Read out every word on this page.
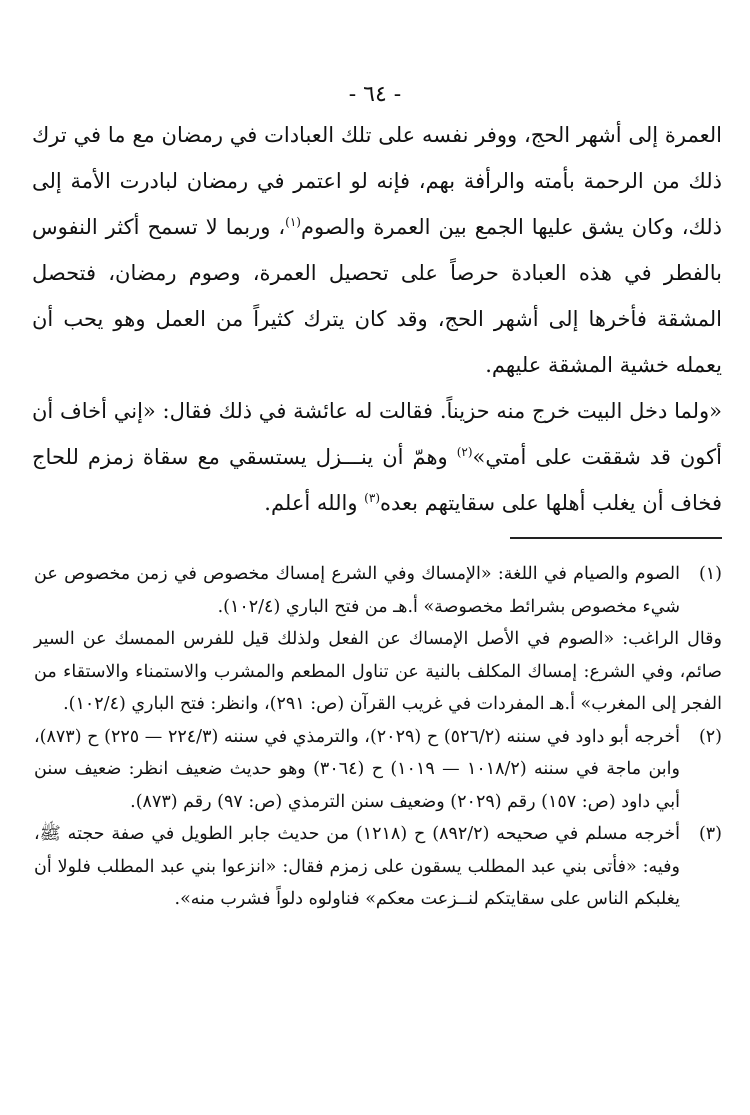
- ٦٤ -

العمرة إلى أشهر الحج، ووفر نفسه على تلك العبادات في رمضان مع ما في ترك ذلك من الرحمة بأمته والرأفة بهم، فإنه لو اعتمر في رمضان لبادرت الأمة إلى ذلك، وكان يشق عليها الجمع بين العمرة والصوم$^{(١)}$، وربما لا تسمح أكثر النفوس بالفطر في هذه العبادة حرصاً على تحصيل العمرة، وصوم رمضان، فتحصل المشقة فأخرها إلى أشهر الحج، وقد كان يترك كثيراً من العمل وهو يحب أن يعمله خشية المشقة عليهم.

«ولما دخل البيت خرج منه حزيناً. فقالت له عائشة في ذلك فقال: «إني أخاف أن أكون قد شققت على أمتي»$^{(٢)}$ وهمّ أن ينـــزل يستسقي مع سقاة زمزم للحاج فخاف أن يغلب أهلها على سقايتهم بعده$^{(٣)}$ والله أعلم.

(١)

الصوم والصيام في اللغة: «الإمساك وفي الشرع إمساك مخصوص في زمن مخصوص عن شيء مخصوص بشرائط مخصوصة» أ.هـ من فتح الباري (١٠٢/٤).

وقال الراغب: «الصوم في الأصل الإمساك عن الفعل ولذلك قيل للفرس الممسك عن السير صائم، وفي الشرع: إمساك المكلف بالنية عن تناول المطعم والمشرب والاستمناء والاستقاء من الفجر إلى المغرب» أ.هـ المفردات في غريب القرآن (ص: ٢٩١)، وانظر: فتح الباري (١٠٢/٤).

(٢)

أخرجه أبو داود في سننه (٥٢٦/٢) ح (٢٠٢٩)، والترمذي في سننه (٢٢٤/٣ — ٢٢٥) ح (٨٧٣)، وابن ماجة في سننه (١٠١٨/٢ — ١٠١٩) ح (٣٠٦٤) وهو حديث ضعيف انظر: ضعيف سنن أبي داود (ص: ١٥٧) رقم (٢٠٢٩) وضعيف سنن الترمذي (ص: ٩٧) رقم (٨٧٣).

(٣)

أخرجه مسلم في صحيحه (٨٩٢/٢) ح (١٢١٨) من حديث جابر الطويل في صفة حجته ﷺ، وفيه: «فأتى بني عبد المطلب يسقون على زمزم فقال: «انزعوا بني عبد المطلب فلولا أن يغلبكم الناس على سقايتكم لنــزعت معكم» فناولوه دلواً فشرب منه».
